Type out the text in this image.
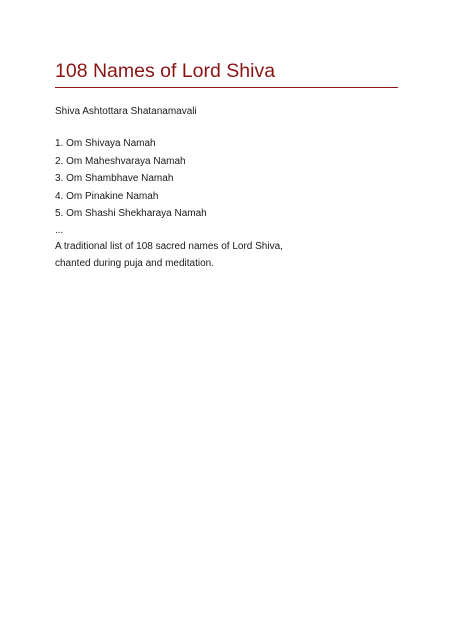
108 Names of Lord Shiva
Shiva Ashtottara Shatanamavali
1. Om Shivaya Namah
2. Om Maheshvaraya Namah
3. Om Shambhave Namah
4. Om Pinakine Namah
5. Om Shashi Shekharaya Namah
...
A traditional list of 108 sacred names of Lord Shiva,
chanted during puja and meditation.
